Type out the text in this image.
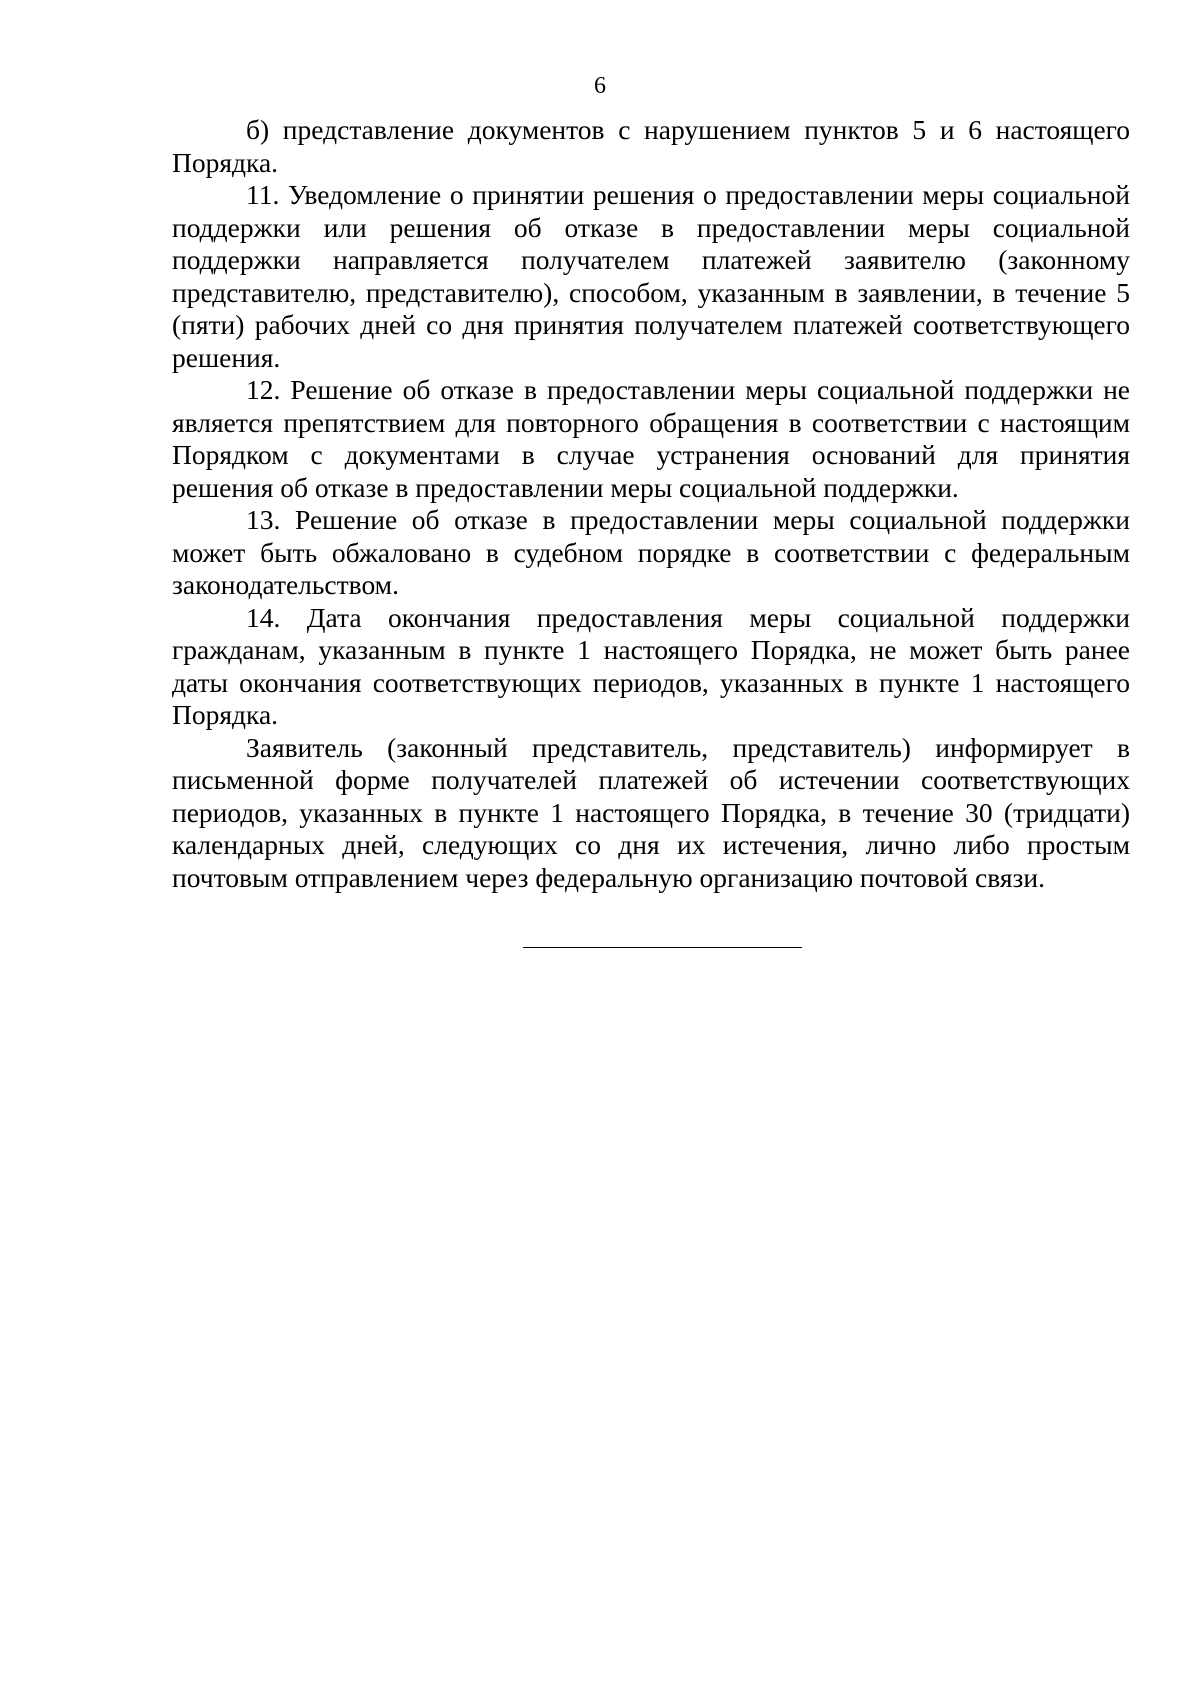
6
б) представление документов с нарушением пунктов 5 и 6 настоящего
Порядка.
11. Уведомление о принятии решения о предоставлении меры социальной
поддержки или решения об отказе в предоставлении меры социальной
поддержки направляется получателем платежей заявителю (законному
представителю, представителю), способом, указанным в заявлении, в течение 5
(пяти) рабочих дней со дня принятия получателем платежей соответствующего
решения.
12. Решение об отказе в предоставлении меры социальной поддержки не
является препятствием для повторного обращения в соответствии с настоящим
Порядком с документами в случае устранения оснований для принятия
решения об отказе в предоставлении меры социальной поддержки.
13. Решение об отказе в предоставлении меры социальной поддержки
может быть обжаловано в судебном порядке в соответствии с федеральным
законодательством.
14. Дата окончания предоставления меры социальной поддержки
гражданам, указанным в пункте 1 настоящего Порядка, не может быть ранее
даты окончания соответствующих периодов, указанных в пункте 1 настоящего
Порядка.
Заявитель (законный представитель, представитель) информирует в
письменной форме получателей платежей об истечении соответствующих
периодов, указанных в пункте 1 настоящего Порядка, в течение 30 (тридцати)
календарных дней, следующих со дня их истечения, лично либо простым
почтовым отправлением через федеральную организацию почтовой связи.
